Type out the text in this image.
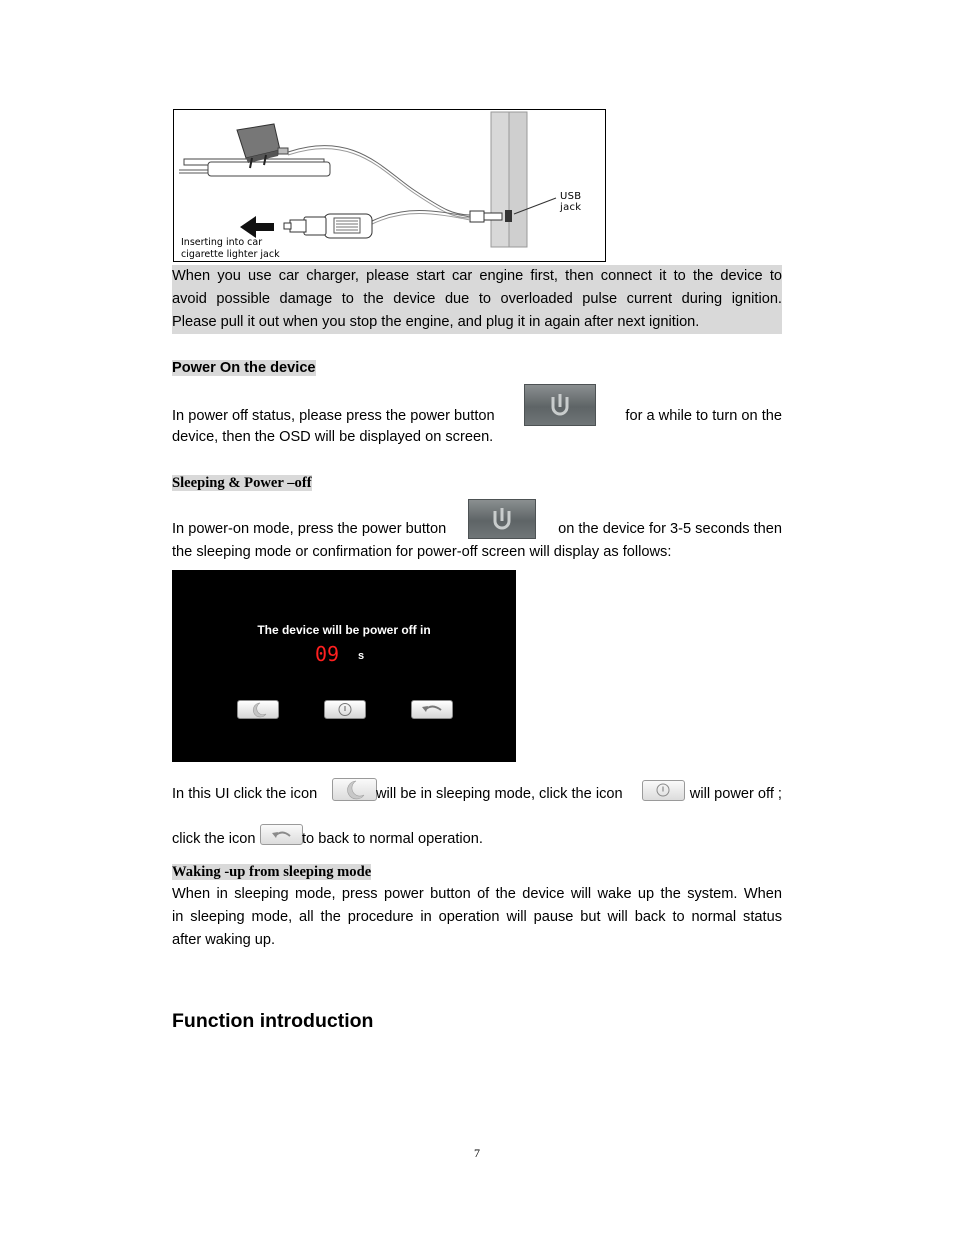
USB jack
Inserting into car
cigarette lighter jack
When you use car charger, please start car engine first, then connect it to the device to
avoid possible damage to the device due to overloaded pulse current during ignition.
Please pull it out when you stop the engine, and plug it in again after next ignition.
Power On the device
In power off status, please press the power button	for a while to turn on the
device, then the OSD will be displayed on screen.
Sleeping & Power –off
In power-on mode, press the power button	on the device for 3-5 seconds then
the sleeping mode or confirmation for power-off screen will display as follows:
The device will be power off in
09 s
In this UI click the icon	will be in sleeping mode, click the icon	will power off ;
click the icon	to back to normal operation.
Waking -up from sleeping mode
When in sleeping mode, press power button of the device will wake up the system. When
in sleeping mode, all the procedure in operation will pause but will back to normal status
after waking up.
Function introduction
7
